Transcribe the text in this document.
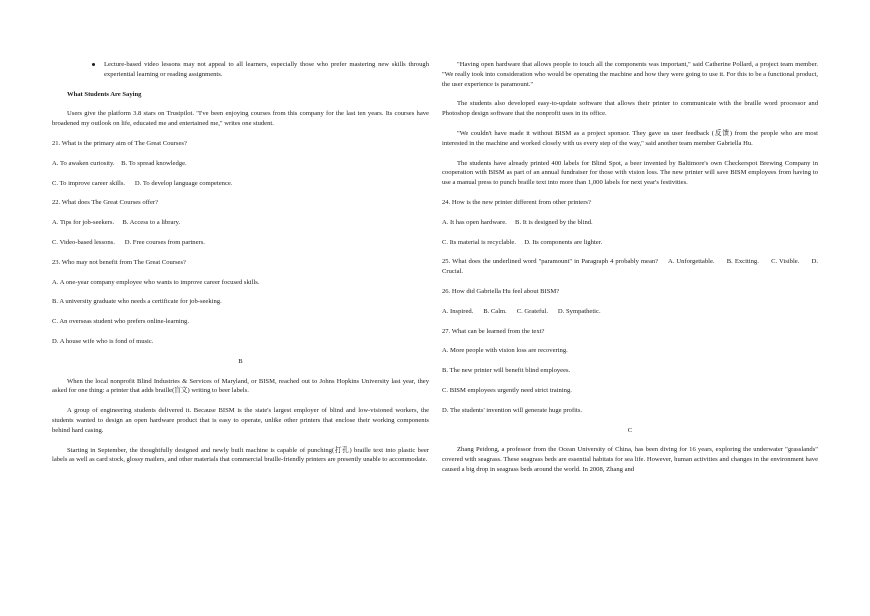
Lecture-based video lessons may not appeal to all learners, especially those who prefer mastering new skills through experiential learning or reading assignments.

What Students Are Saying

Users give the platform 3.8 stars on Trustpilot. "I've been enjoying courses from this company for the last ten years. Its courses have broadened my outlook on life, educated me and entertained me," writes one student.

21. What is the primary aim of The Great Courses?

A. To awaken curiosity.    B. To spread knowledge.

C. To improve career skills.      D. To develop language competence.

22. What does The Great Courses offer?

A. Tips for job-seekers.     B. Access to a library.

C. Video-based lessons.      D. Free courses from partners.

23. Who may not benefit from The Great Courses?

A. A one-year company employee who wants to improve career focused skills.

B. A university graduate who needs a certificate for job-seeking.

C. An overseas student who prefers online-learning.

D. A house wife who is fond of music.

B

When the local nonprofit Blind Industries & Services of Maryland, or BISM, reached out to Johns Hopkins University last year, they asked for one thing: a printer that adds braille(盲文) writing to beer labels.

A group of engineering students delivered it. Because BISM is the state's largest employer of blind and low-visioned workers, the students wanted to design an open hardware product that is easy to operate, unlike other printers that enclose their working components behind hard casing.

Starting in September, the thoughtfully designed and newly built machine is capable of punching(打孔) braille text into plastic beer labels as well as card stock, glossy mailers, and other materials that commercial braille-friendly printers are presently unable to accommodate.

"Having open hardware that allows people to touch all the components was important," said Catherine Pollard, a project team member. "We really took into consideration who would be operating the machine and how they were going to use it. For this to be a functional product, the user experience is paramount."

The students also developed easy-to-update software that allows their printer to communicate with the braille word processor and Photoshop design software that the nonprofit uses in its office.

"We couldn't have made it without BISM as a project sponsor. They gave us user feedback (反馈) from the people who are most interested in the machine and worked closely with us every step of the way," said another team member Gabriella Hu.

The students have already printed 400 labels for Blind Spot, a beer invented by Baltimore's own Checkerspot Brewing Company in cooperation with BISM as part of an annual fundraiser for those with vision loss. The new printer will save BISM employees from having to use a manual press to punch braille text into more than 1,000 labels for next year's festivities.

24. How is the new printer different from other printers?

A. It has open hardware.     B. It is designed by the blind.

C. Its material is recyclable.     D. Its components are lighter.

25. What does the underlined word "paramount" in Paragraph 4 probably mean?     A. Unforgettable.      B. Exciting.      C. Visible.      D. Crucial.

26. How did Gabriella Hu feel about BISM?

A. Inspired.      B. Calm.      C. Grateful.      D. Sympathetic.

27. What can be learned from the text?

A. More people with vision loss are recovering.

B. The new printer will benefit blind employees.

C. BISM employees urgently need strict training.

D. The students' invention will generate huge profits.

C

Zhang Peidong, a professor from the Ocean University of China, has been diving for 16 years, exploring the underwater "grasslands" covered with seagrass. These seagrass beds are essential habitats for sea life. However, human activities and changes in the environment have caused a big drop in seagrass beds around the world. In 2008, Zhang and
